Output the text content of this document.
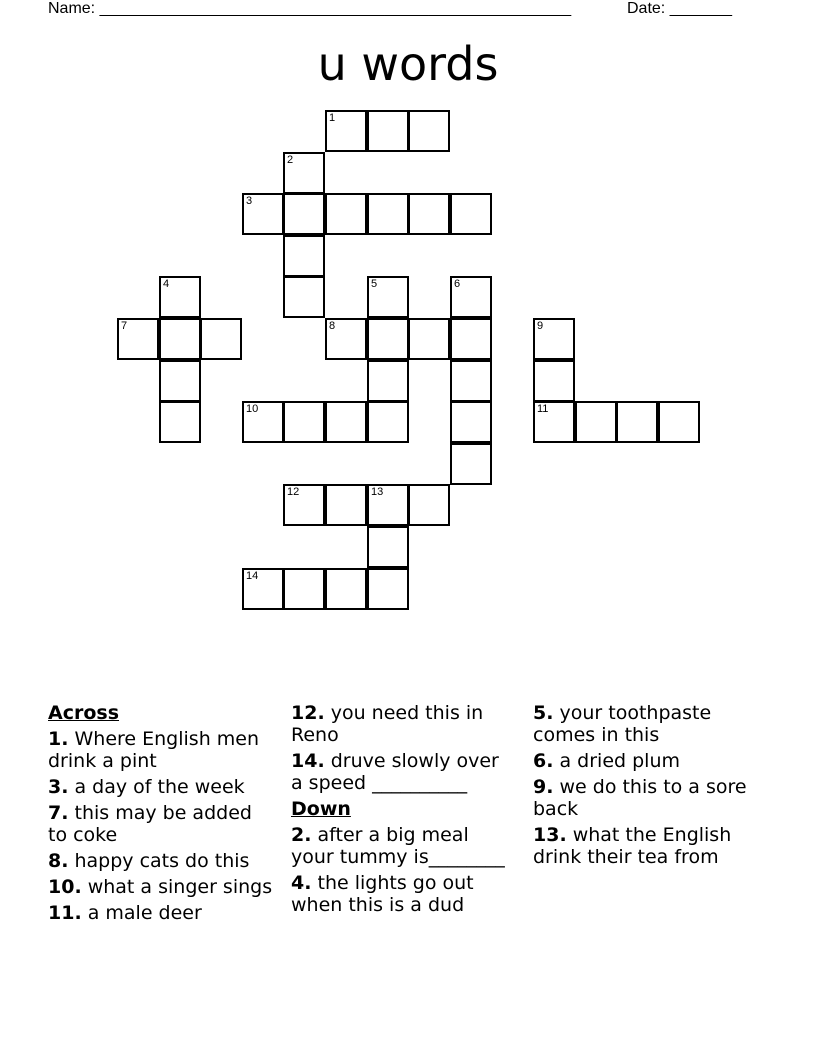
Name: _____________________________________________________	Date: _______
u words
1
2
3
4	5	6
7	8	9
10	11
12	13
14
Across
1. Where English men drink a pint
3. a day of the week
7. this may be added to coke
8. happy cats do this
10. what a singer sings
11. a male deer
12. you need this in Reno
14. druve slowly over a speed __________
Down
2. after a big meal your tummy is________
4. the lights go out when this is a dud
5. your toothpaste comes in this
6. a dried plum
9. we do this to a sore back
13. what the English drink their tea from
